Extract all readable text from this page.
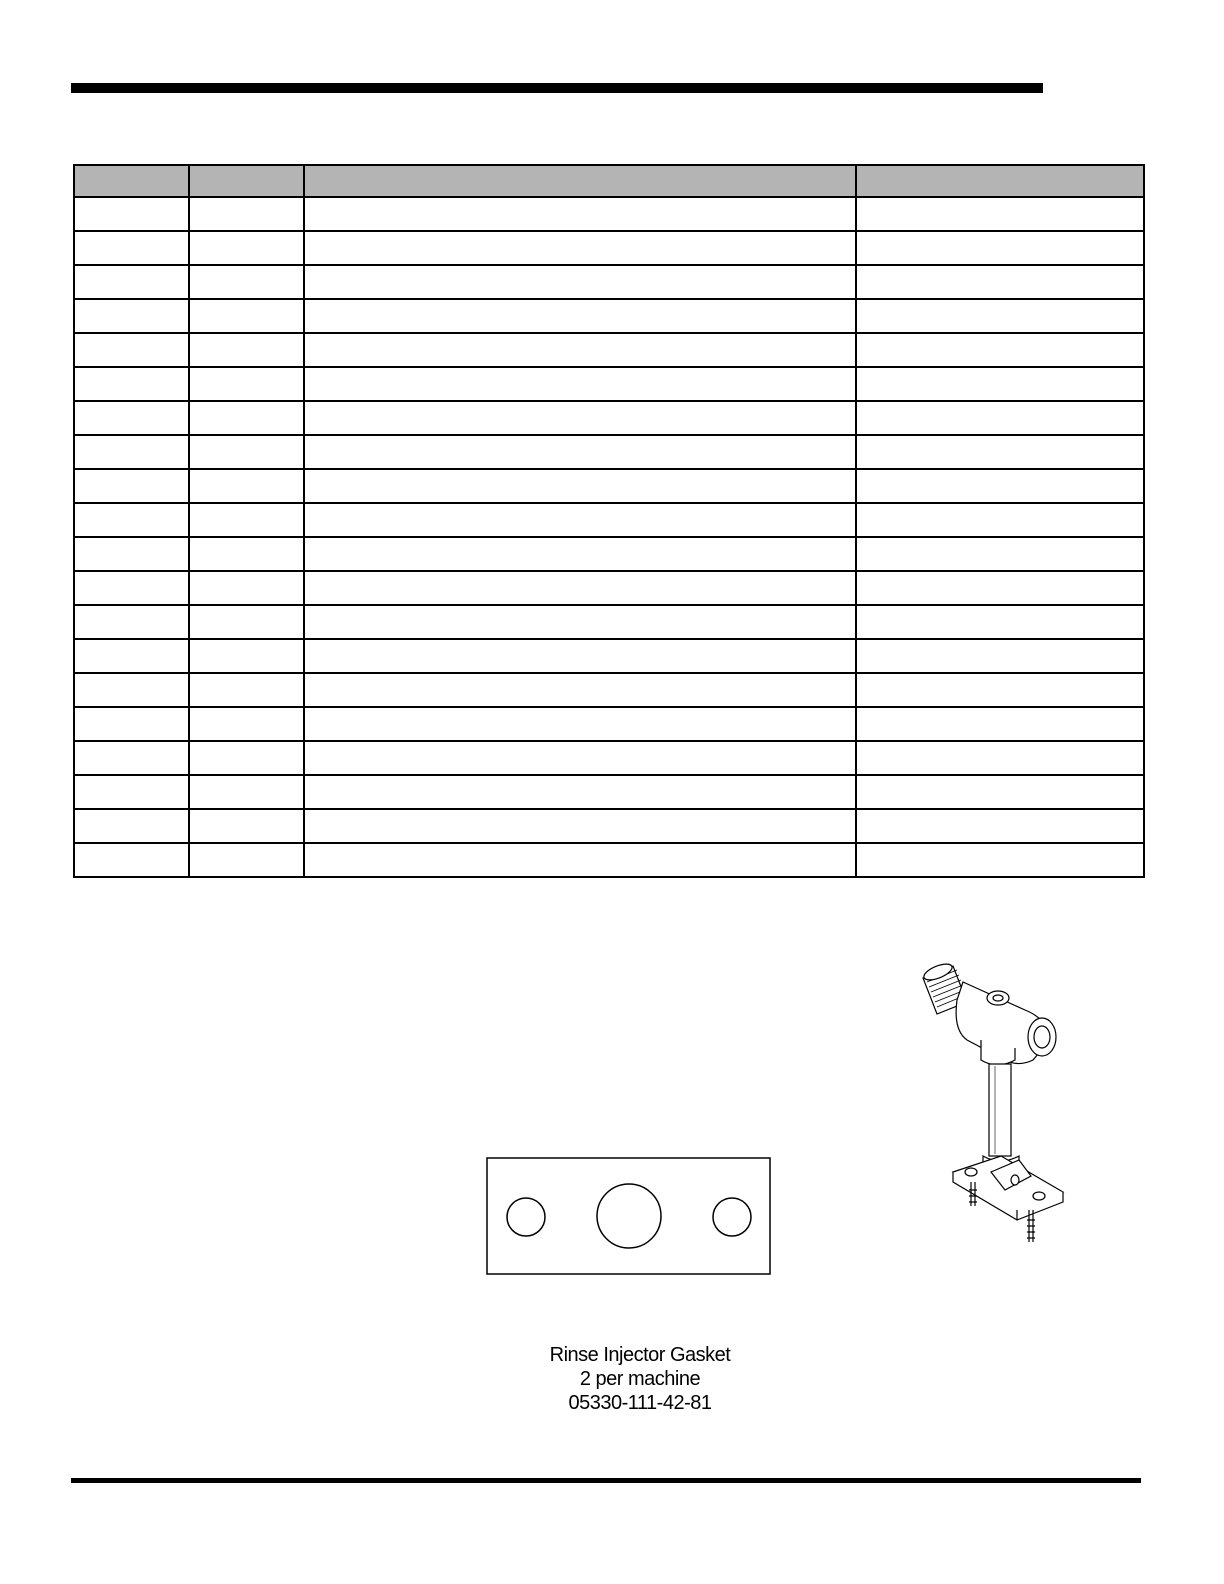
Rinse Injector Gasket
2 per machine
05330-111-42-81
